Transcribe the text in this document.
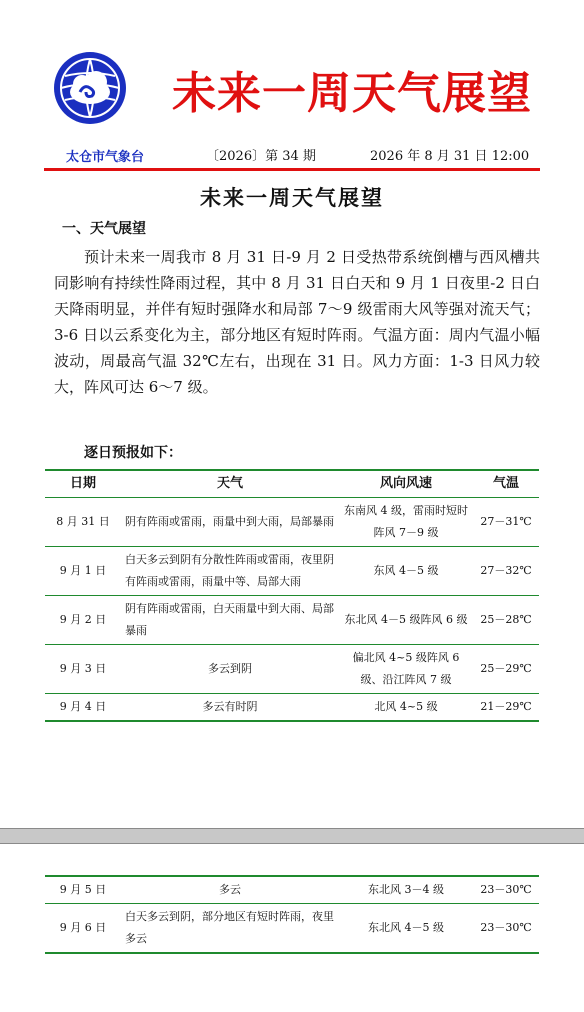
未来一周天气展望
太仓市气象台	〔2026〕第 34 期	2026 年 8 月 31 日 12:00
未来一周天气展望
一、天气展望

预计未来一周我市 8 月 31 日-9 月 2 日受热带系统倒槽与西风槽共同影响有持续性降雨过程，其中 8 月 31 日白天和 9 月 1 日夜里-2 日白天降雨明显，并伴有短时强降水和局部 7～9 级雷雨大风等强对流天气；3-6 日以云系变化为主，部分地区有短时阵雨。气温方面：周内气温小幅波动，周最高气温 32℃左右，出现在 31 日。风力方面：1-3 日风力较大，阵风可达 6～7 级。

逐日预报如下：
日期	天气	风向风速	气温
8 月 31 日	阴有阵雨或雷雨，雨量中到大雨，局部暴雨	东南风 4 级，雷雨时短时阵风 7－9 级	27－31℃
9 月 1 日	白天多云到阴有分散性阵雨或雷雨，夜里阴有阵雨或雷雨，雨量中等、局部大雨	东风 4－5 级	27－32℃
9 月 2 日	阴有阵雨或雷雨，白天雨量中到大雨、局部暴雨	东北风 4－5 级阵风 6 级	25－28℃
9 月 3 日	多云到阴	偏北风 4~5 级阵风 6 级、沿江阵风 7 级	25－29℃
9 月 4 日	多云有时阴	北风 4~5 级	21－29℃
9 月 5 日	多云	东北风 3－4 级	23－30℃
9 月 6 日	白天多云到阴，部分地区有短时阵雨，夜里多云	东北风 4－5 级	23－30℃
